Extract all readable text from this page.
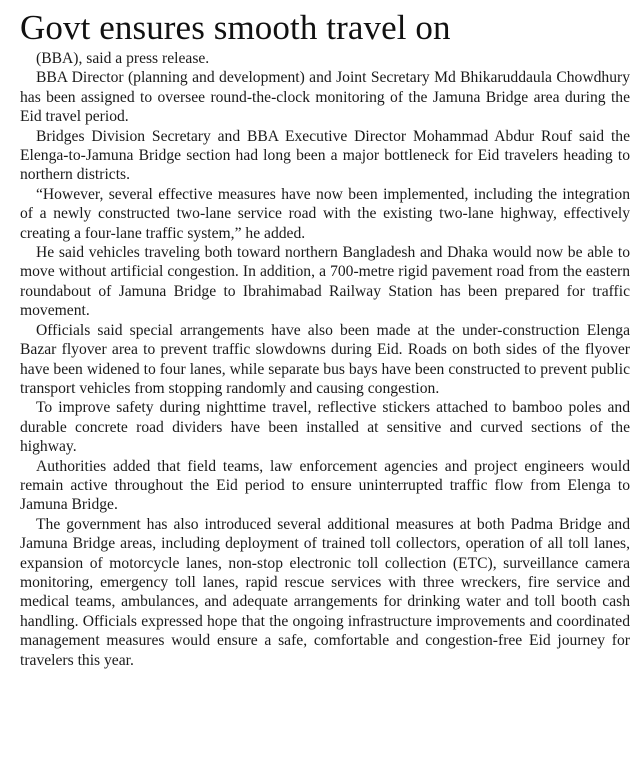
Govt ensures smooth travel on

(BBA), said a press release.

BBA Director (planning and development) and Joint Secretary Md Bhikaruddaula Chowdhury has been assigned to oversee round-the-clock monitoring of the Jamuna Bridge area during the Eid travel period.

Bridges Division Secretary and BBA Executive Director Mohammad Abdur Rouf said the Elenga-to-Jamuna Bridge section had long been a major bottleneck for Eid travelers heading to northern districts.

“However, several effective measures have now been implemented, including the integration of a newly constructed two-lane service road with the existing two-lane highway, effectively creating a four-lane traffic system,” he added.

He said vehicles traveling both toward northern Bangladesh and Dhaka would now be able to move without artificial congestion. In addition, a 700-metre rigid pavement road from the eastern roundabout of Jamuna Bridge to Ibrahimabad Railway Station has been prepared for traffic movement.

Officials said special arrangements have also been made at the under-construction Elenga Bazar flyover area to prevent traffic slowdowns during Eid. Roads on both sides of the flyover have been widened to four lanes, while separate bus bays have been constructed to prevent public transport vehicles from stopping randomly and causing congestion.

To improve safety during nighttime travel, reflective stickers attached to bamboo poles and durable concrete road dividers have been installed at sensitive and curved sections of the highway.

Authorities added that field teams, law enforcement agencies and project engineers would remain active throughout the Eid period to ensure uninterrupted traffic flow from Elenga to Jamuna Bridge.

The government has also introduced several additional measures at both Padma Bridge and Jamuna Bridge areas, including deployment of trained toll collectors, operation of all toll lanes, expansion of motorcycle lanes, non-stop electronic toll collection (ETC), surveillance camera monitoring, emergency toll lanes, rapid rescue services with three wreckers, fire service and medical teams, ambulances, and adequate arrangements for drinking water and toll booth cash handling. Officials expressed hope that the ongoing infrastructure improvements and coordinated management measures would ensure a safe, comfortable and congestion-free Eid journey for travelers this year.
